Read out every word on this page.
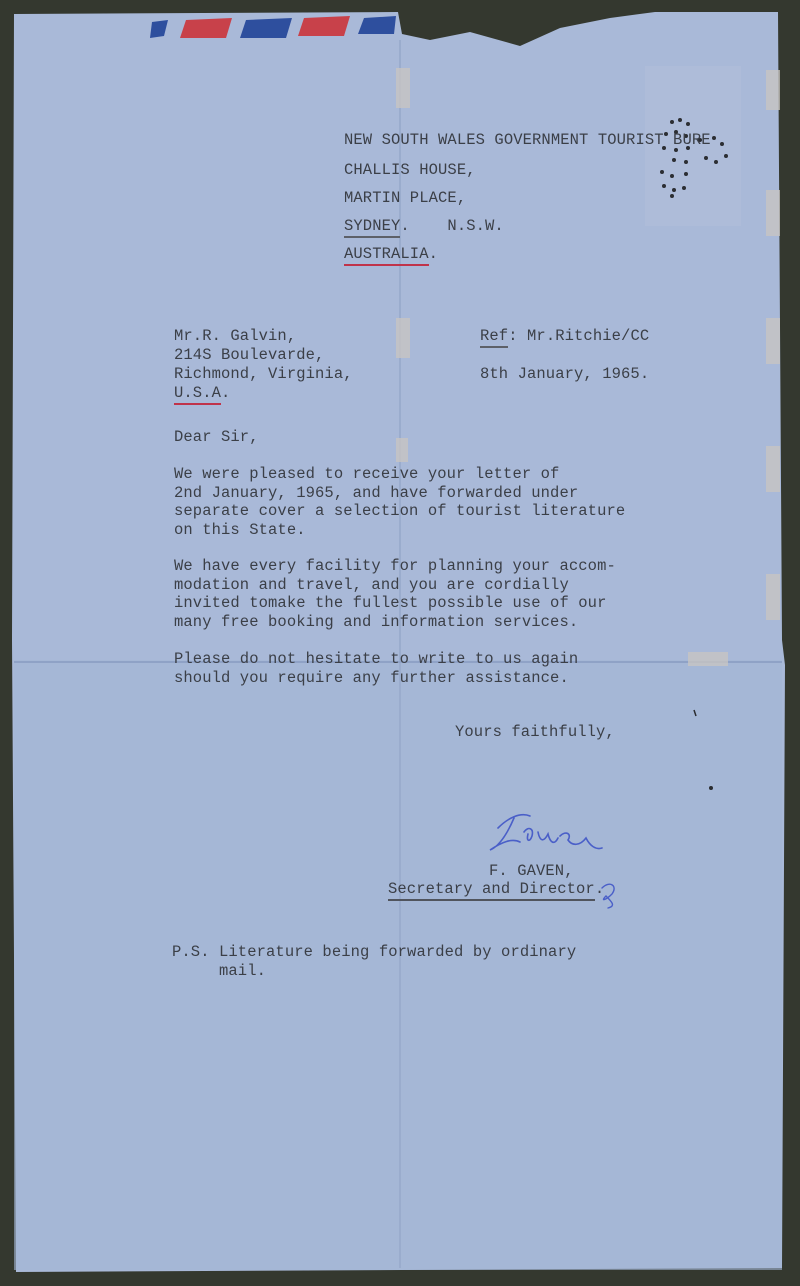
NEW SOUTH WALES GOVERNMENT TOURIST BURE

CHALLIS HOUSE,

MARTIN PLACE,

SYDNEY.    N.S.W.

AUSTRALIA.

Mr.R. Galvin,

214S Boulevarde,

Richmond, Virginia,

U.S.A.

Ref: Mr.Ritchie/CC

8th January, 1965.

Dear Sir,

We were pleased to receive your letter of
2nd January, 1965, and have forwarded under
separate cover a selection of tourist literature
on this State.

We have every facility for planning your accom-
modation and travel, and you are cordially
invited tomake the fullest possible use of our
many free booking and information services.

Please do not hesitate to write to us again
should you require any further assistance.

Yours faithfully,

F. GAVEN,

Secretary and Director.

P.S. Literature being forwarded by ordinary
mail.
